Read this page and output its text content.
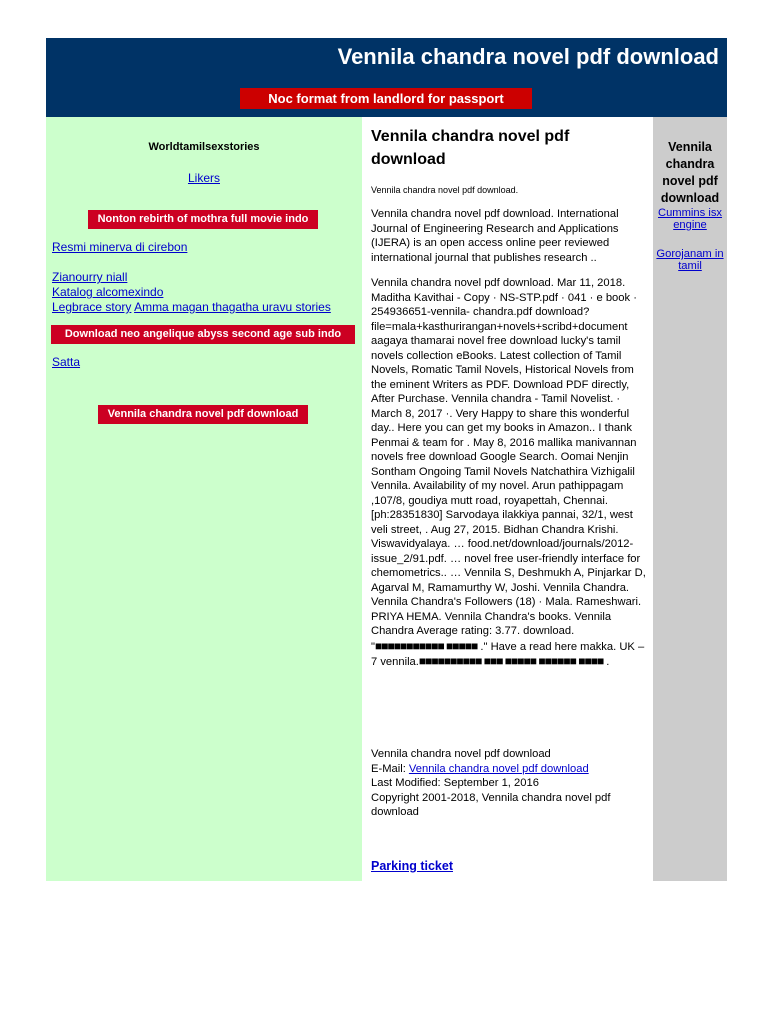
Vennila chandra novel pdf download
Noc format from landlord for passport
Worldtamilsexstories
Likers
Nonton rebirth of mothra full movie indo
Resmi minerva di cirebon
Zianourry niall
Katalog alcomexindo
Legbrace story Amma magan thagatha uravu stories
Download neo angelique abyss second age sub indo
Satta
Vennila chandra novel pdf download
Vennila chandra novel pdf download
Vennila chandra novel pdf download.

Vennila chandra novel pdf download. International Journal of Engineering Research and Applications (IJERA) is an open access online peer reviewed international journal that publishes research ..

Vennila chandra novel pdf download. Mar 11, 2018. Maditha Kavithai - Copy · NS-STP.pdf · 041 · e book · 254936651-vennila- chandra.pdf download?file=mala+kasthurirangan+novels+scribd+document aagaya thamarai novel free download lucky's tamil novels collection eBooks. Latest collection of Tamil Novels, Romatic Tamil Novels, Historical Novels from the eminent Writers as PDF. Download PDF directly, After Purchase. Vennila chandra - Tamil Novelist. · March 8, 2017 ·. Very Happy to share this wonderful day.. Here you can get my books in Amazon.. I thank Penmai & team for . May 8, 2016 mallika manivannan novels free download Google Search. Oomai Nenjin Sontham Ongoing Tamil Novels Natchathira Vizhigalil Vennila. Availability of my novel. Arun pathippagam ,107/8, goudiya mutt road, royapettah, Chennai. [ph:28351830] Sarvodaya ilakkiya pannai, 32/1, west veli street, . Aug 27, 2015. Bidhan Chandra Krishi. Viswavidyalaya. … food.net/download/journals/2012- issue_2/91.pdf. … novel free user-friendly interface for chemometrics.. … Vennila S, Deshmukh A, Pinjarkar D, Agarval M, Ramamurthy W, Joshi. Vennila Chandra. Vennila Chandra's Followers (18) · Mala. Rameshwari. PRIYA HEMA. Vennila Chandra's books. Vennila Chandra Average rating: 3.77. download. "■■■■■■■■■■■ ■■■■■ ." Have a read here makka. UK – 7 vennila.■■■■■■■■■■ ■■■ ■■■■■ ■■■■■■ ■■■■ .

Vennila chandra novel pdf download
E-Mail: Vennila chandra novel pdf download
Last Modified: September 1, 2016
Copyright 2001-2018, Vennila chandra novel pdf download
Parking ticket
Vennila chandra novel pdf download
Cummins isx engine
Gorojanam in tamil
